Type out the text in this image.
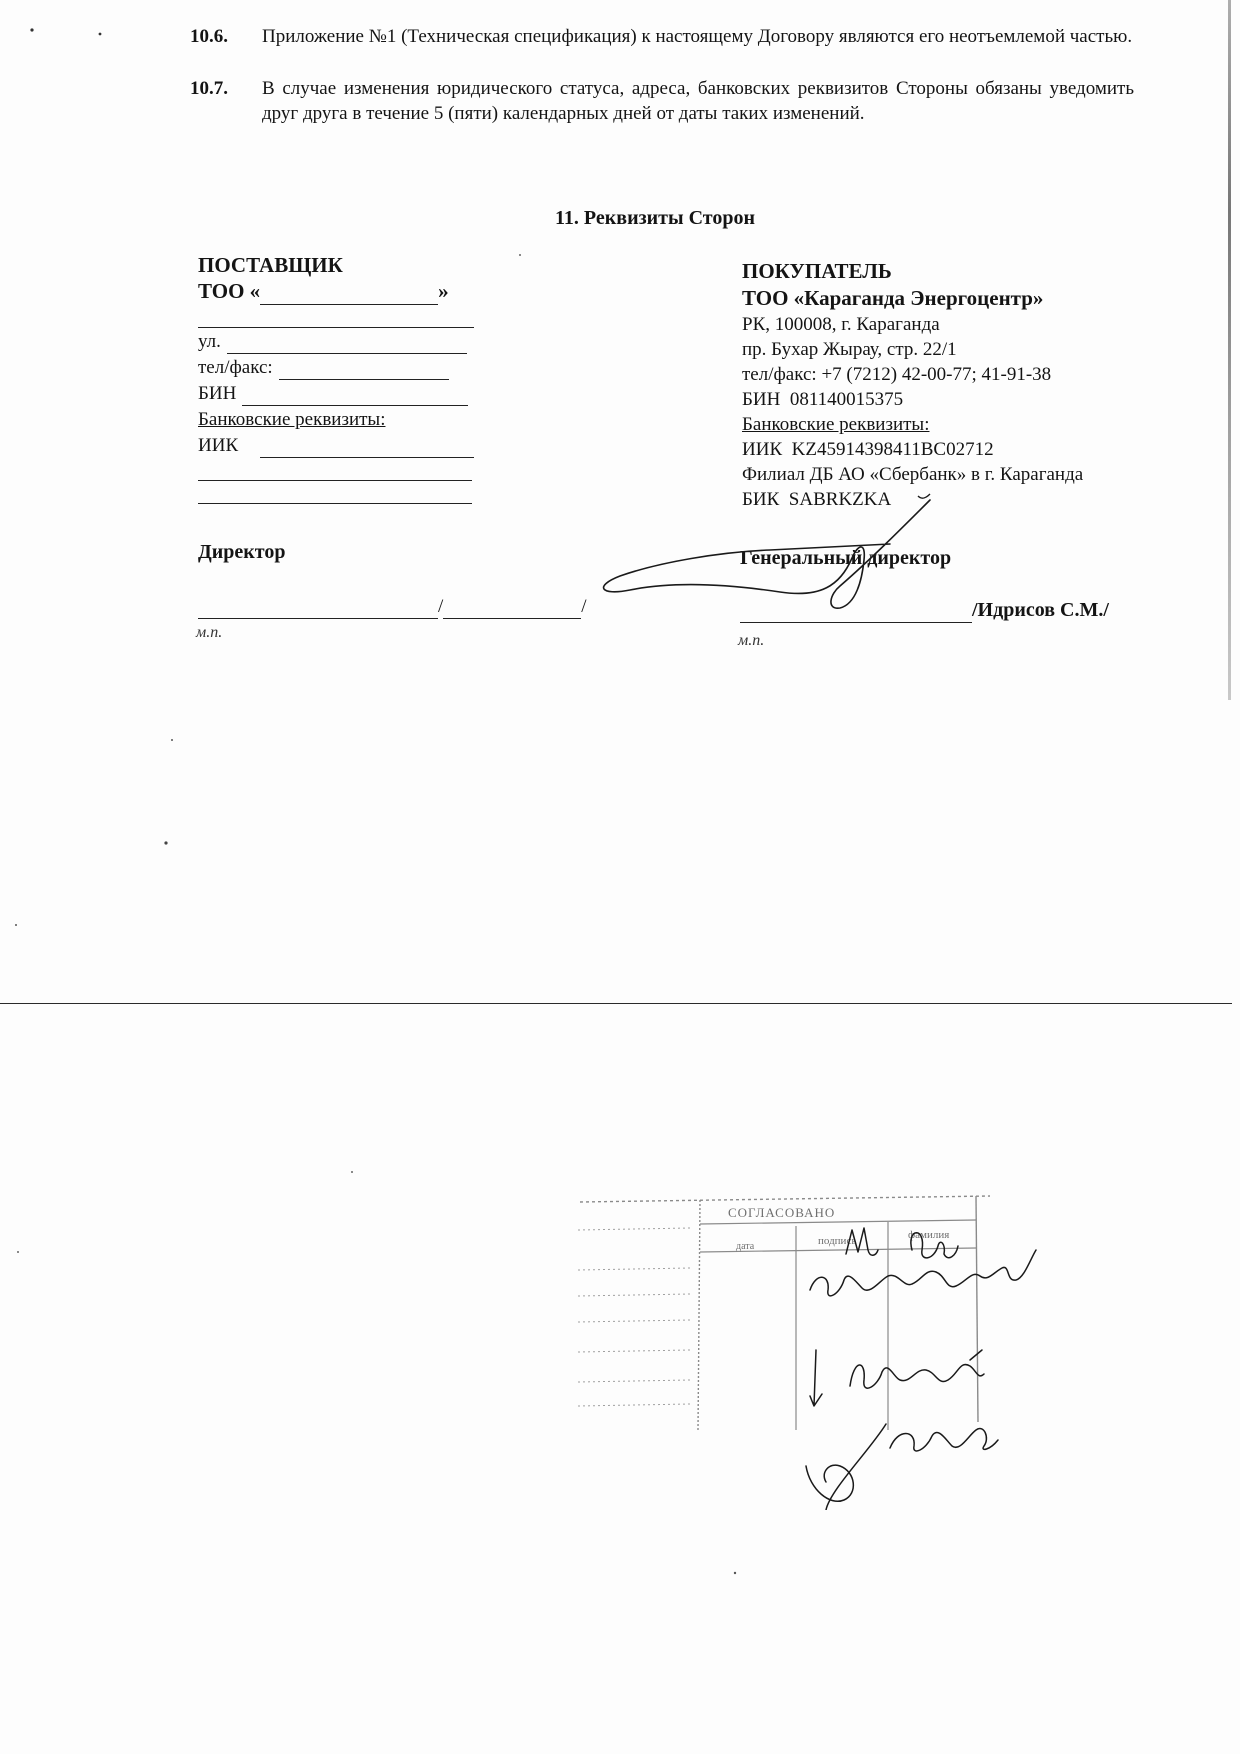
10.6.	Приложение №1 (Техническая спецификация) к настоящему Договору являются его неотъемлемой частью.
10.7.	В случае изменения юридического статуса, адреса, банковских реквизитов Стороны обязаны уведомить друг друга в течение 5 (пяти) календарных дней от даты таких изменений.
11. Реквизиты Сторон
ПОСТАВЩИК
ТОО «	»
ул.
тел/факс:
БИН
Банковские реквизиты:
ИИК
Директор
/	/
м.п.
ПОКУПАТЕЛЬ
ТОО «Караганда Энергоцентр»
РК, 100008, г. Караганда
пр. Бухар Жырау, стр. 22/1
тел/факс: +7 (7212) 42-00-77; 41-91-38
БИН  081140015375
Банковские реквизиты:
ИИК  KZ45914398411BC02712
Филиал ДБ АО «Сбербанк» в г. Караганда
БИК  SABRKZKA
Генеральный директор
/Идрисов С.М./
м.п.
СОГЛАСОВАНО
подпись	фамилия
дата
